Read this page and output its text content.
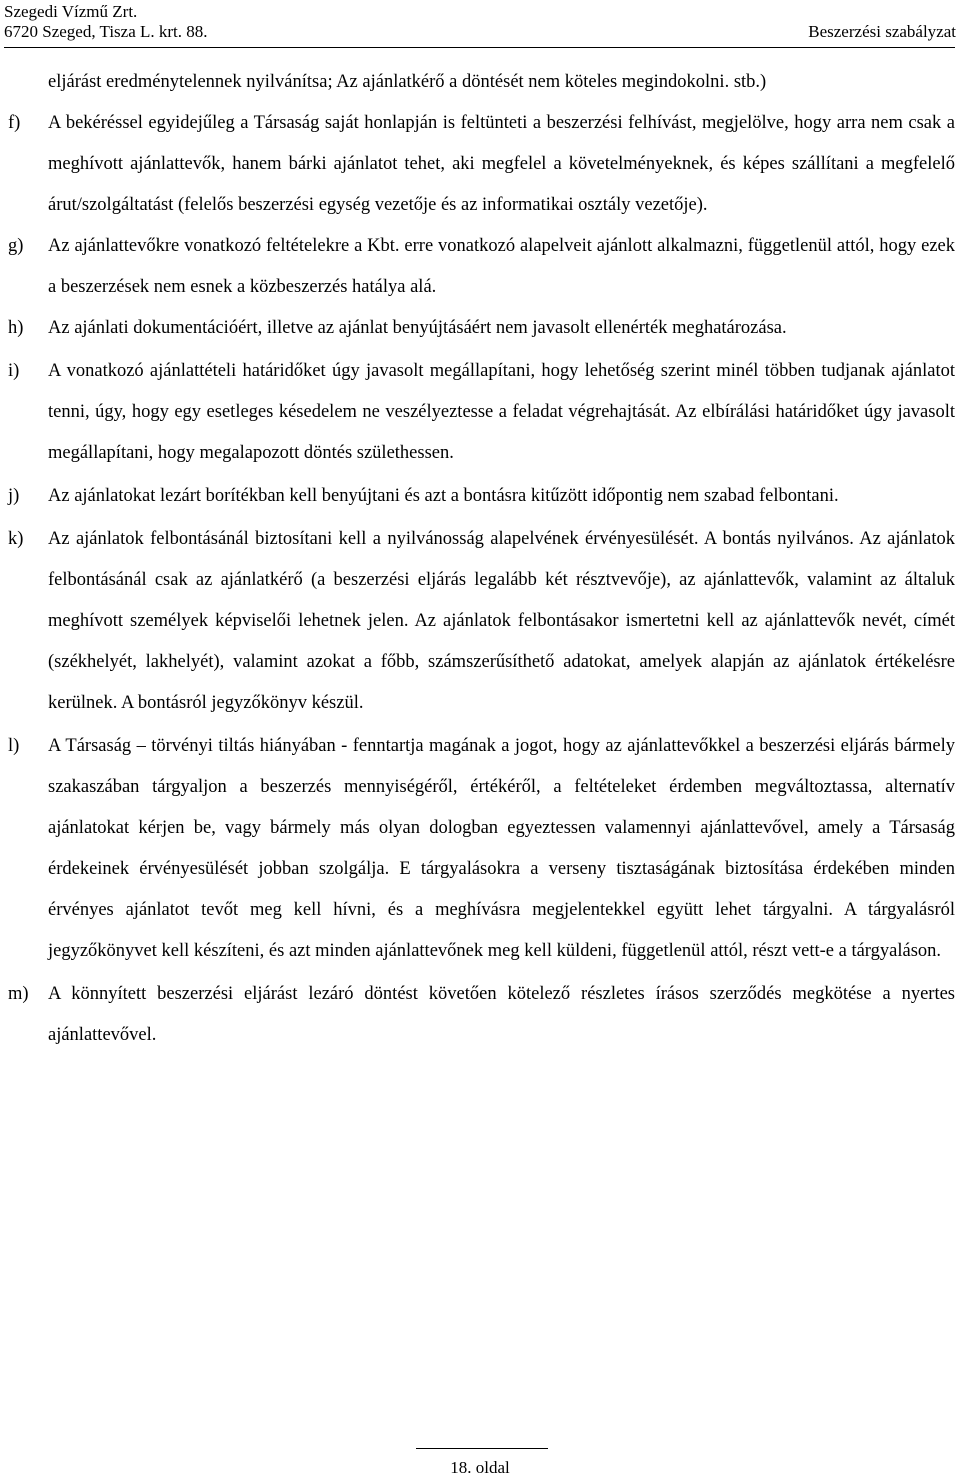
Szegedi Vízmű Zrt.
6720 Szeged, Tisza L. krt. 88.	Beszerzési szabályzat
eljárást eredménytelennek nyilvánítsa; Az ajánlatkérő a döntését nem köteles megindokolni. stb.)
f)	A bekéréssel egyidejűleg a Társaság saját honlapján is feltünteti a beszerzési felhívást, megjelölve, hogy arra nem csak a meghívott ajánlattevők, hanem bárki ajánlatot tehet, aki megfelel a követelményeknek, és képes szállítani a megfelelő árut/szolgáltatást (felelős beszerzési egység vezetője és az informatikai osztály vezetője).
g)	Az ajánlattevőkre vonatkozó feltételekre a Kbt. erre vonatkozó alapelveit ajánlott alkalmazni, függetlenül attól, hogy ezek a beszerzések nem esnek a közbeszerzés hatálya alá.
h)	Az ajánlati dokumentációért, illetve az ajánlat benyújtásáért nem javasolt ellenérték meghatározása.
i)	A vonatkozó ajánlattételi határidőket úgy javasolt megállapítani, hogy lehetőség szerint minél többen tudjanak ajánlatot tenni, úgy, hogy egy esetleges késedelem ne veszélyeztesse a feladat végrehajtását. Az elbírálási határidőket úgy javasolt megállapítani, hogy megalapozott döntés születhessen.
j)	Az ajánlatokat lezárt borítékban kell benyújtani és azt a bontásra kitűzött időpontig nem szabad felbontani.
k)	Az ajánlatok felbontásánál biztosítani kell a nyilvánosság alapelvének érvényesülését. A bontás nyilvános. Az ajánlatok felbontásánál csak az ajánlatkérő (a beszerzési eljárás legalább két résztvevője), az ajánlattevők, valamint az általuk meghívott személyek képviselői lehetnek jelen. Az ajánlatok felbontásakor ismertetni kell az ajánlattevők nevét, címét (székhelyét, lakhelyét), valamint azokat a főbb, számszerűsíthető adatokat, amelyek alapján az ajánlatok értékelésre kerülnek. A bontásról jegyzőkönyv készül.
l)	A Társaság – törvényi tiltás hiányában - fenntartja magának a jogot, hogy az ajánlattevőkkel a beszerzési eljárás bármely szakaszában tárgyaljon a beszerzés mennyiségéről, értékéről, a feltételeket érdemben megváltoztassa, alternatív ajánlatokat kérjen be, vagy bármely más olyan dologban egyeztessen valamennyi ajánlattevővel, amely a Társaság érdekeinek érvényesülését jobban szolgálja. E tárgyalásokra a verseny tisztaságának biztosítása érdekében minden érvényes ajánlatot tevőt meg kell hívni, és a meghívásra megjelentekkel együtt lehet tárgyalni. A tárgyalásról jegyzőkönyvet kell készíteni, és azt minden ajánlattevőnek meg kell küldeni, függetlenül attól, részt vett-e a tárgyaláson.
m)	A könnyített beszerzési eljárást lezáró döntést követően kötelező részletes írásos szerződés megkötése a nyertes ajánlattevővel.
18. oldal
